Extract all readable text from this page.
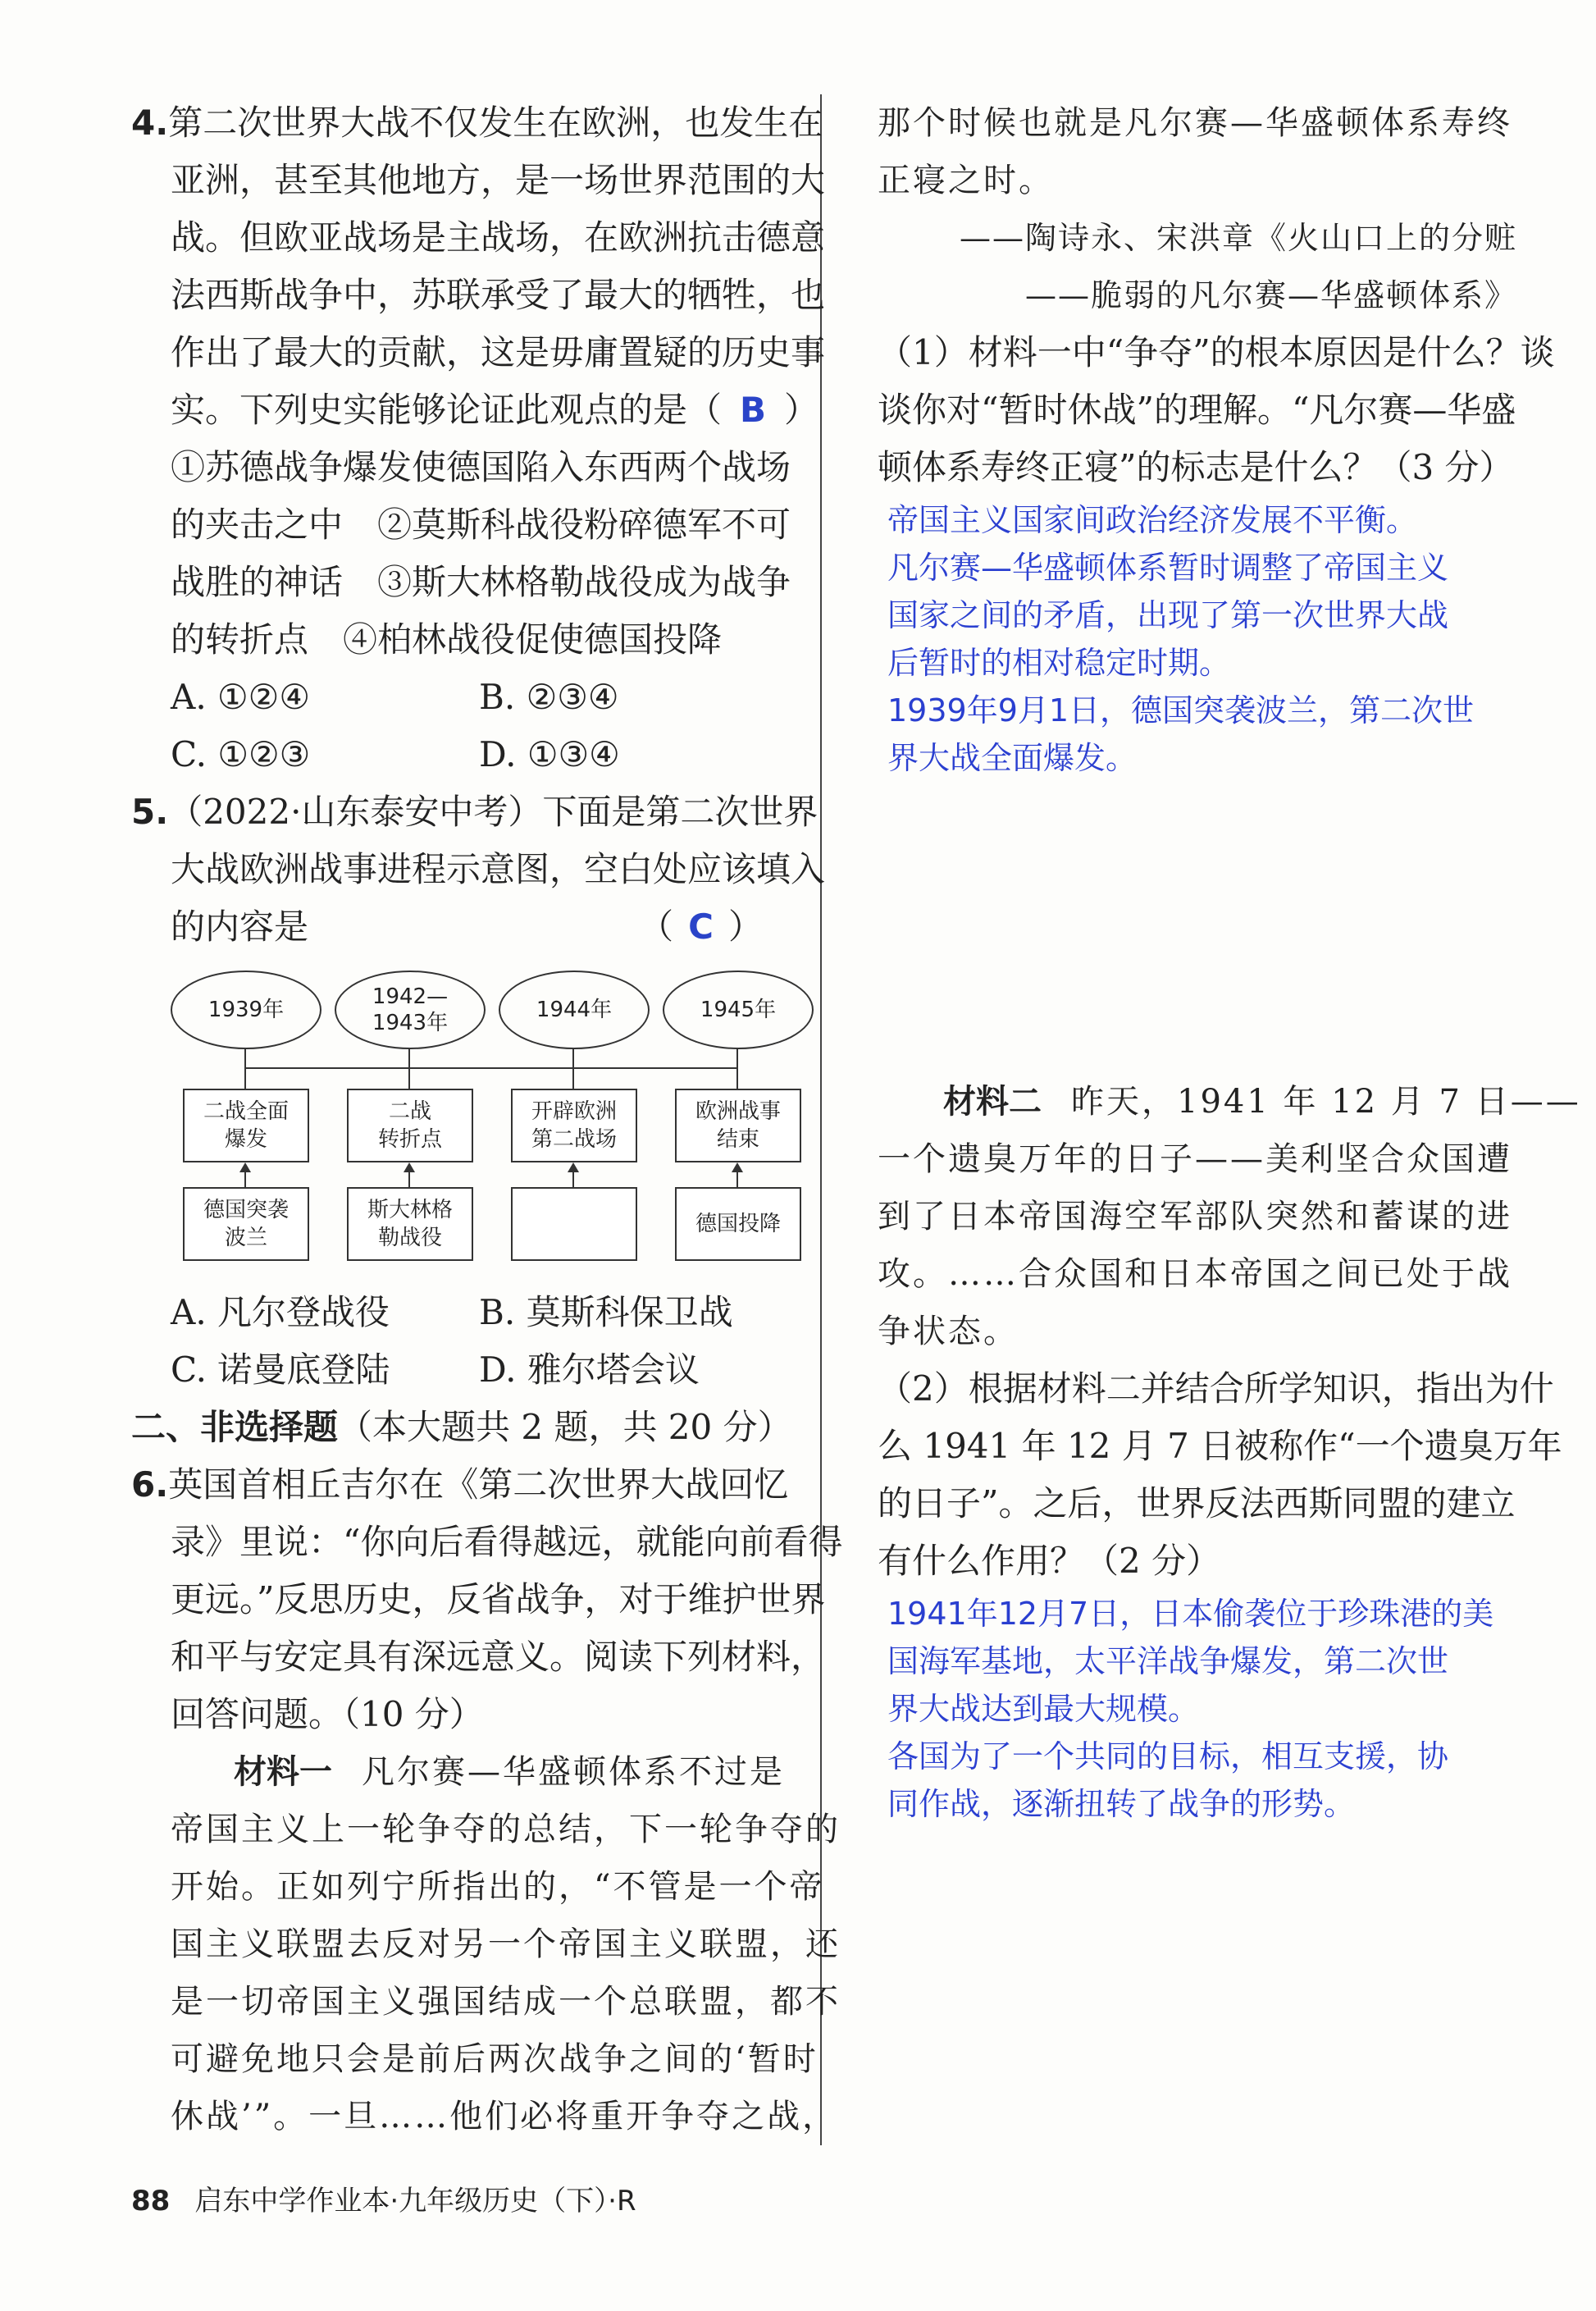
4.第二次世界大战不仅发生在欧洲，也发生在
亚洲，甚至其他地方，是一场世界范围的大
战。但欧亚战场是主战场，在欧洲抗击德意
法西斯战争中，苏联承受了最大的牺牲，也
作出了最大的贡献，这是毋庸置疑的历史事
实。下列史实能够论证此观点的是（ B ）
①苏德战争爆发使德国陷入东西两个战场
的夹击之中　②莫斯科战役粉碎德军不可
战胜的神话　③斯大林格勒战役成为战争
的转折点　④柏林战役促使德国投降
A. ①②④	B. ②③④
C. ①②③	D. ①③④
5.（2022·山东泰安中考）下面是第二次世界
大战欧洲战事进程示意图，空白处应该填入
的内容是	（ C ）
1939年
1942—
1943年
1944年	1945年
二战全面
爆发
二战
转折点
开辟欧洲
第二战场
欧洲战事
结束
德国突袭
波兰
斯大林格
勒战役
德国投降
A. 凡尔登战役	B. 莫斯科保卫战
C. 诺曼底登陆	D. 雅尔塔会议
二、非选择题（本大题共 2 题，共 20 分）
6.英国首相丘吉尔在《第二次世界大战回忆
录》里说：“你向后看得越远，就能向前看得
更远。”反思历史，反省战争，对于维护世界
和平与安定具有深远意义。阅读下列材料，
回答问题。（10 分）
材料一 凡尔赛—华盛顿体系不过是
帝国主义上一轮争夺的总结，下一轮争夺的
开始。正如列宁所指出的，“不管是一个帝
国主义联盟去反对另一个帝国主义联盟，还
是一切帝国主义强国结成一个总联盟，都不
可避免地只会是前后两次战争之间的‘暂时
休战’”。一旦……他们必将重开争夺之战，
那个时候也就是凡尔赛—华盛顿体系寿终
正寝之时。
——陶诗永、宋洪章《火山口上的分赃
——脆弱的凡尔赛—华盛顿体系》
（1）材料一中“争夺”的根本原因是什么？谈
谈你对“暂时休战”的理解。“凡尔赛—华盛
顿体系寿终正寝”的标志是什么？（3 分）
帝国主义国家间政治经济发展不平衡。
凡尔赛—华盛顿体系暂时调整了帝国主义
国家之间的矛盾，出现了第一次世界大战
后暂时的相对稳定时期。
1939年9月1日，德国突袭波兰，第二次世
界大战全面爆发。
材料二 昨天，1941 年 12 月 7 日——
一个遗臭万年的日子——美利坚合众国遭
到了日本帝国海空军部队突然和蓄谋的进
攻。……合众国和日本帝国之间已处于战
争状态。
（2）根据材料二并结合所学知识，指出为什
么 1941 年 12 月 7 日被称作“一个遗臭万年
的日子”。之后，世界反法西斯同盟的建立
有什么作用？（2 分）
1941年12月7日，日本偷袭位于珍珠港的美
国海军基地，太平洋战争爆发，第二次世
界大战达到最大规模。
各国为了一个共同的目标，相互支援，协
同作战，逐渐扭转了战争的形势。
88 启东中学作业本·九年级历史（下）·R
